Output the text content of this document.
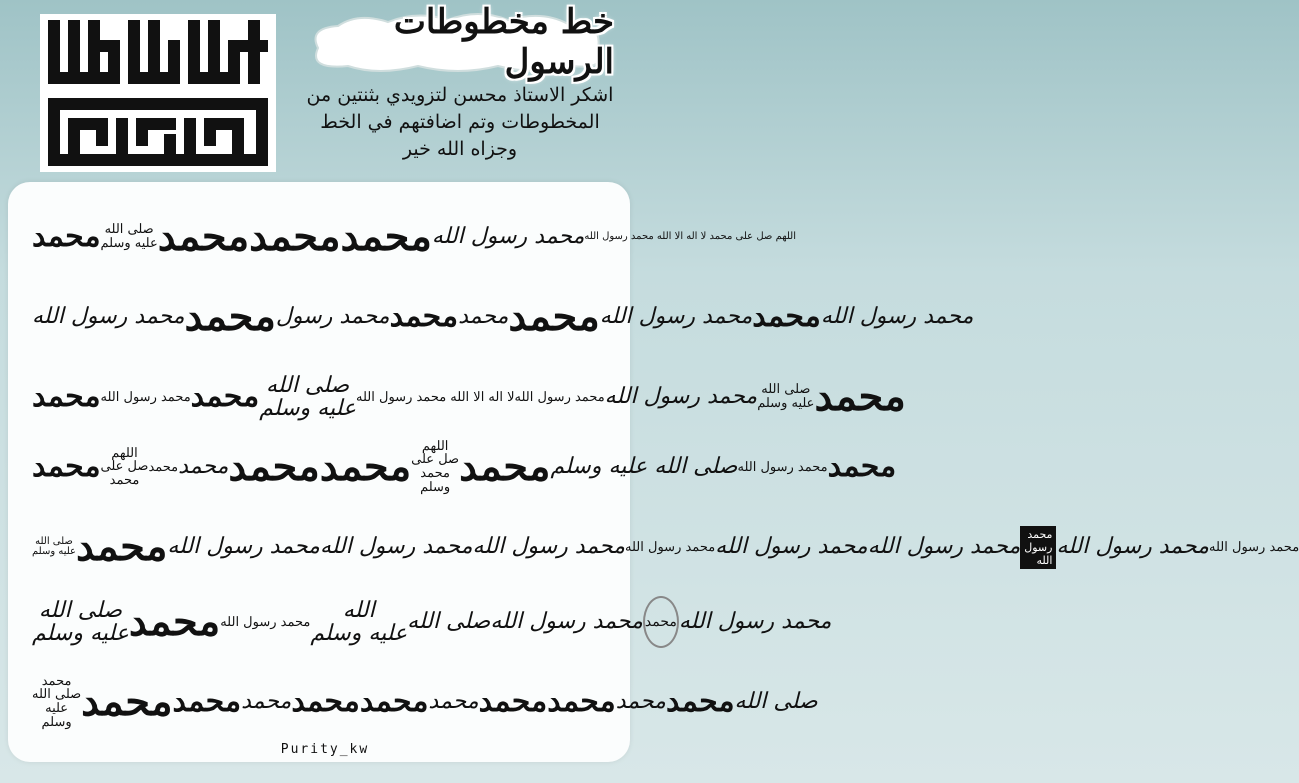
خط مخطوطات الرسول
اشكر الاستاذ محسن لتزويدي بثنتين من
المخطوطات وتم اضافتهم في الخط
وجزاه الله خير
محمد صلى الله
عليه وسلم محمد محمد محمد محمد رسول الله اللهم صل على محمد لا اله الا الله محمد رسول الله
محمد رسول الله محمد محمد رسول محمد محمد محمد محمد رسول الله محمد محمد رسول الله
محمد محمد رسول الله محمد صلى الله
عليه وسلم لا اله الا الله محمد رسول الله محمد رسول الله محمد رسول الله صلى الله
عليه وسلم محمد
محمد اللهم
صل على
محمد
محمد محمد محمد محمد اللهم
صل على
محمد
وسلم محمد صلى الله عليه وسلم محمد رسول الله محمد
صلى الله
عليه وسلم محمد محمد رسول الله محمد رسول الله محمد رسول الله محمد رسول الله محمد رسول الله محمد رسول الله محمد رسول الله
محمد رسول الله محمد رسول الله
صلى الله
عليه وسلم محمد محمد رسول الله الله
عليه وسلم صلى الله محمد رسول الله محمد محمد رسول الله
محمد
صلى الله
عليه
وسلم محمد محمد محمد محمد محمد محمد محمد محمد محمد محمد صلى الله
Purity_kw
